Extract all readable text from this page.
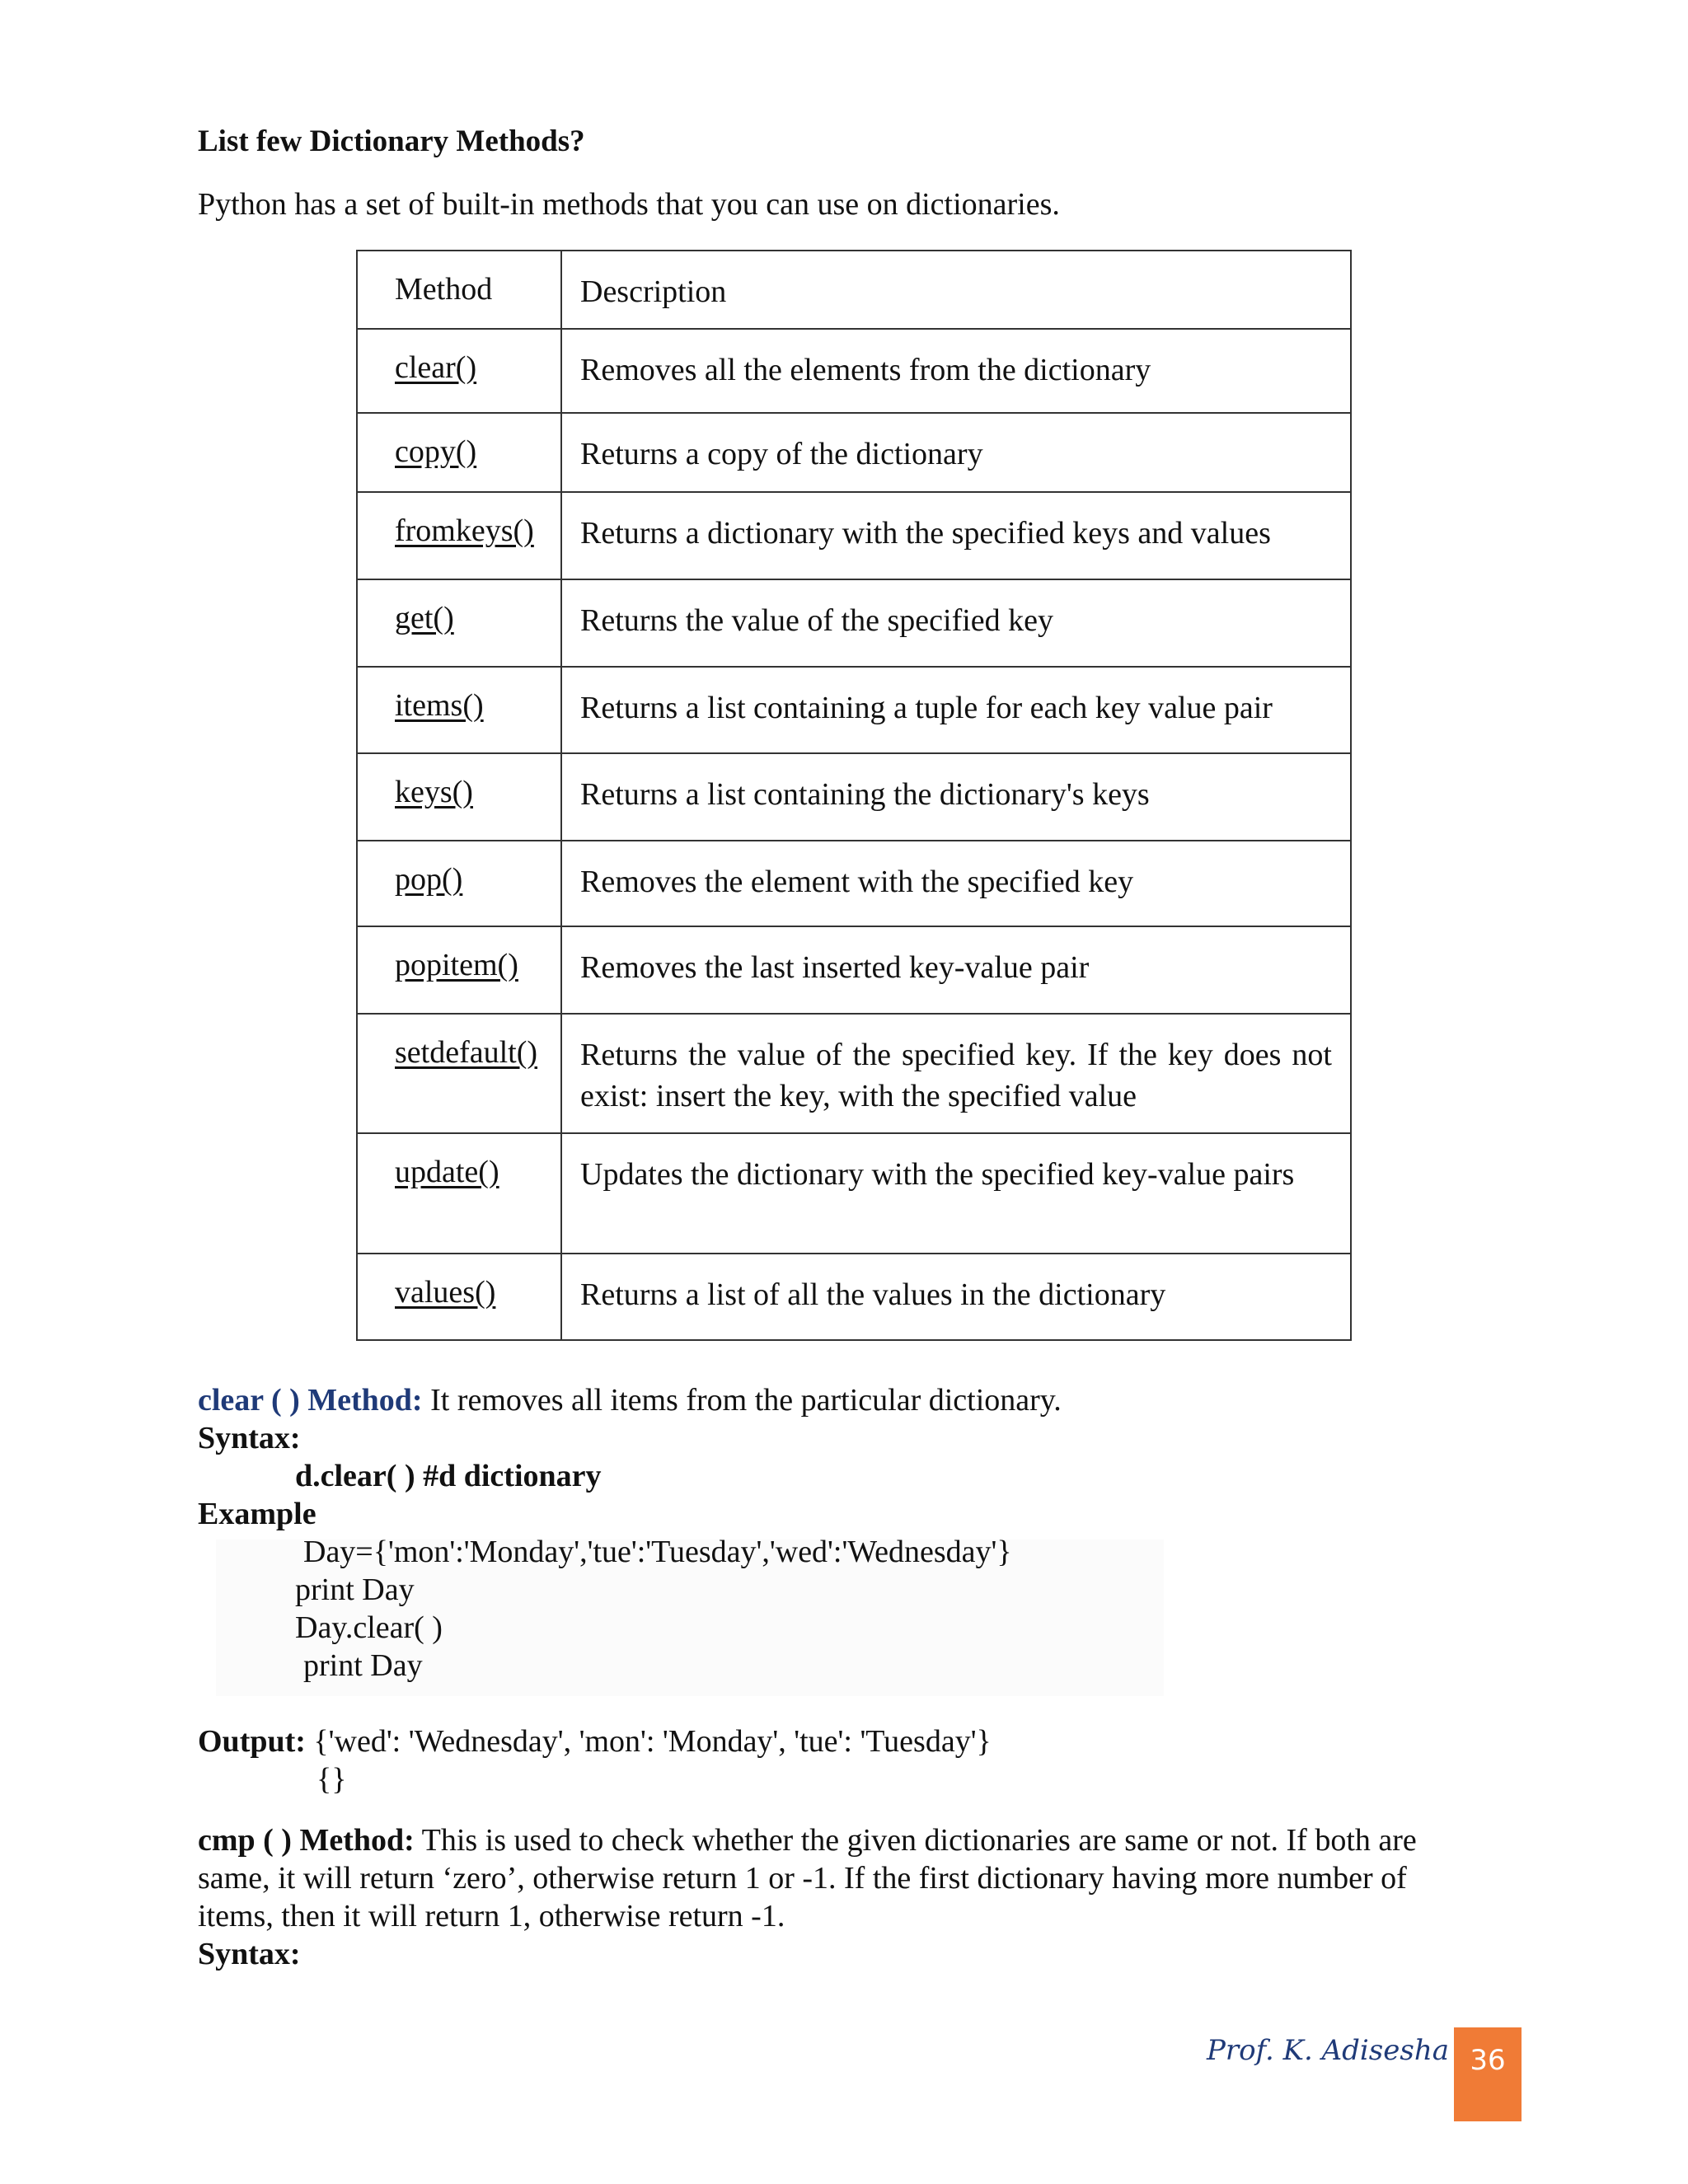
List few Dictionary Methods?

Python has a set of built-in methods that you can use on dictionaries.

Method	Description
clear()	Removes all the elements from the dictionary
copy()	Returns a copy of the dictionary
fromkeys()	Returns a dictionary with the specified keys and values
get()	Returns the value of the specified key
items()	Returns a list containing a tuple for each key value pair
keys()	Returns a list containing the dictionary's keys
pop()	Removes the element with the specified key
popitem()	Removes the last inserted key-value pair
setdefault()	Returns the value of the specified key. If the key does not exist: insert the key, with the specified value
update()	Updates the dictionary with the specified key-value pairs
values()	Returns a list of all the values in the dictionary

clear ( ) Method: It removes all items from the particular dictionary.

Syntax:

d.clear( ) #d dictionary

Example

Day={'mon':'Monday','tue':'Tuesday','wed':'Wednesday'}

print Day

Day.clear( )

print Day

Output: {'wed': 'Wednesday', 'mon': 'Monday', 'tue': 'Tuesday'}

{}

cmp ( ) Method: This is used to check whether the given dictionaries are same or not. If both are same, it will return ‘zero’, otherwise return 1 or -1. If the first dictionary having more number of items, then it will return 1, otherwise return -1.

Syntax:

Prof. K. Adisesha 36
